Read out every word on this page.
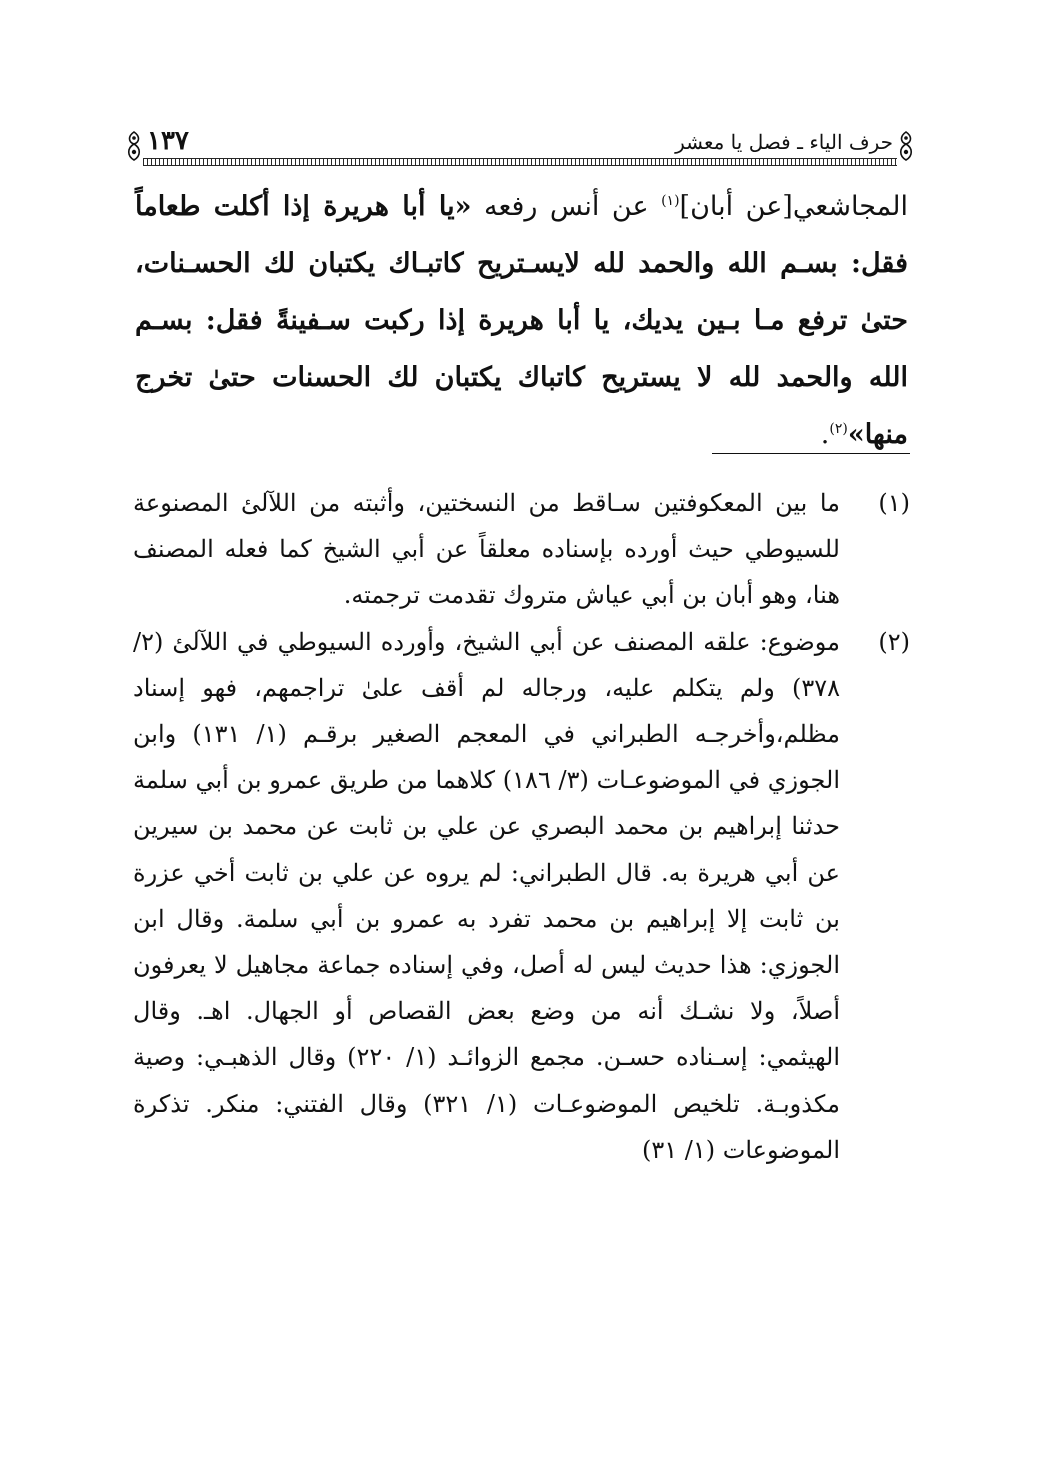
حرف الياء ـ فصل يا معشر
١٣٧
المجاشعي[عن أبان]$^{(١)}$ عن أنس رفعه «يا أبا هريرة إذا أكلت طعاماً فقل: بسـم الله والحمد لله لايسـتريح كاتبـاك يكتبان لك الحسـنات، حتىٰ ترفع مـا بـين يديك، يا أبا هريرة إذا ركبت سـفينةً فقل: بسـم الله والحمد لله لا يستريح كاتباك يكتبان لك الحسنات حتىٰ تخرج منها»$^{(٢)}$.
(١)
ما بين المعكوفتين سـاقط من النسختين، وأثبته من اللآلئ المصنوعة للسيوطي حيث أورده بإسناده معلقاً عن أبي الشيخ كما فعله المصنف هنا، وهو أبان بن أبي عياش متروك تقدمت ترجمته.
(٢)
موضوع: علقه المصنف عن أبي الشيخ، وأورده السيوطي في اللآلئ (٢/ ٣٧٨) ولم يتكلم عليه، ورجاله لم أقف علىٰ تراجمهم، فهو إسناد مظلم،وأخرجـه الطبراني في المعجم الصغير برقـم (١/ ١٣١) وابن الجوزي في الموضوعـات (٣/ ١٨٦) كلاهما من طريق عمرو بن أبي سلمة حدثنا إبراهيم بن محمد البصري عن علي بن ثابت عن محمد بن سيرين عن أبي هريرة به. قال الطبراني: لم يروه عن علي بن ثابت أخي عزرة بن ثابت إلا إبراهيم بن محمد تفرد به عمرو بن أبي سلمة. وقال ابن الجوزي: هذا حديث ليس له أصل، وفي إسناده جماعة مجاهيل لا يعرفون أصلاً، ولا نشـك أنه من وضع بعض القصاص أو الجهال. اهـ. وقال الهيثمي: إسـناده حسـن. مجمع الزوائـد (١/ ٢٢٠) وقال الذهبـي: وصية مكذوبـة. تلخيص الموضوعـات (١/ ٣٢١) وقال الفتني: منكر. تذكرة الموضوعات (١/ ٣١)
